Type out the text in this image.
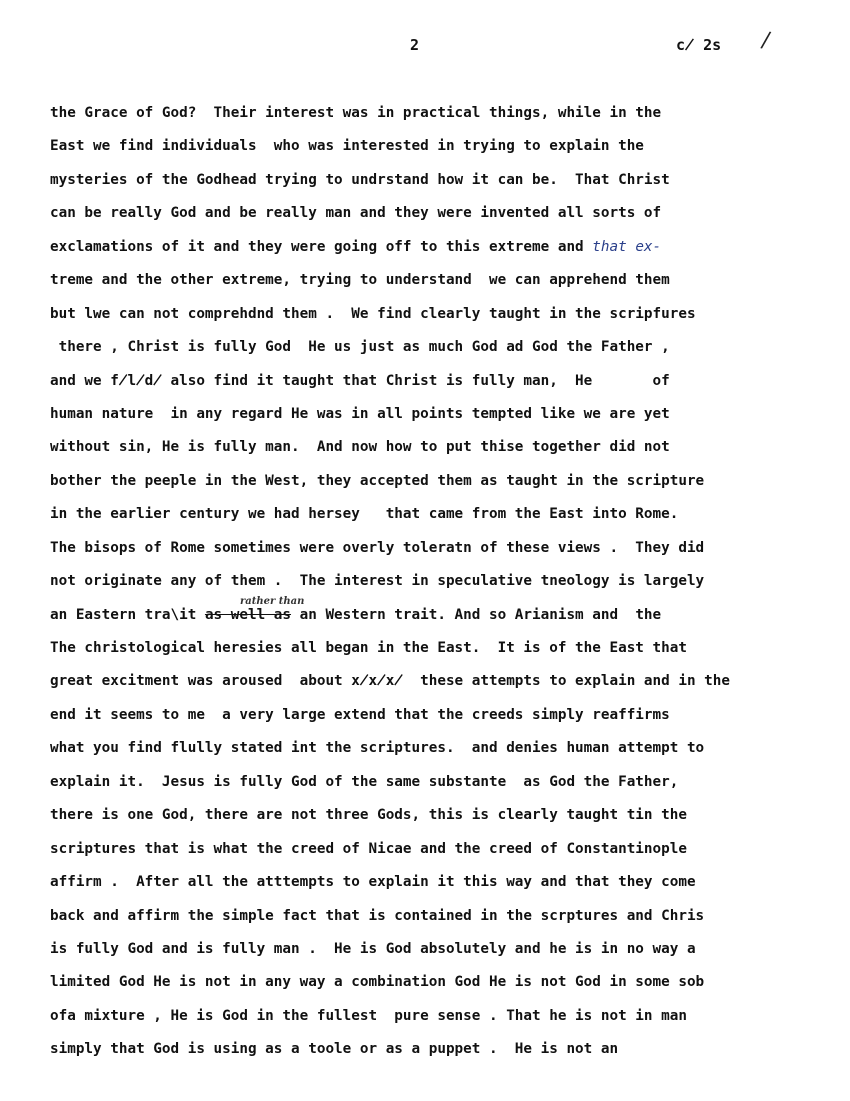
2	c̸ 2s /
the Grace of God?  Their interest was in practical things, while in the
East we find individuals  who was interested in trying to explain the
mysteries of the Godhead trying to undrstand how it can be.  That Christ
can be really God and be really man and they were invented all sorts of
exclamations of it and they were going off to this extreme and that ex-
treme and the other extreme, trying to understand  we can apprehend them
but lwe can not comprehdnd them .  We find clearly taught in the scripfures
there , Christ is fully God  He us just as much God ad God the Father ,
and we f̸l̸d̸ also find it taught that Christ is fully man,  He       of
human nature  in any regard He was in all points tempted like we are yet
without sin, He is fully man.  And now how to put thise together did not
bother the peeple in the West, they accepted them as taught in the scripture
in the earlier century we had hersey   that came from the East into Rome.
The bisops of Rome sometimes were overly toleratn of these views .  They did
not originate any of them .  The interest in speculative tneology is largely
an Eastern tra\it as well as an Western trait. And so Arianism and  the
rather than
The christological heresies all began in the East.  It is of the East that
great excitment was aroused  about x̸x̸x̸  these attempts to explain and in the
end it seems to me  a very large extend that the creeds simply reaffirms
what you find flully stated int the scriptures.  and denies human attempt to
explain it.  Jesus is fully God of the same substante  as God the Father,
there is one God, there are not three Gods, this is clearly taught tin the
scriptures that is what the creed of Nicae and the creed of Constantinople
affirm .  After all the atttempts to explain it this way and that they come
back and affirm the simple fact that is contained in the scrptures and Chris
is fully God and is fully man .  He is God absolutely and he is in no way a
limited God He is not in any way a combination God He is not God in some sob
ofa mixture , He is God in the fullest  pure sense . That he is not in man
simply that God is using as a toole or as a puppet .  He is not an
